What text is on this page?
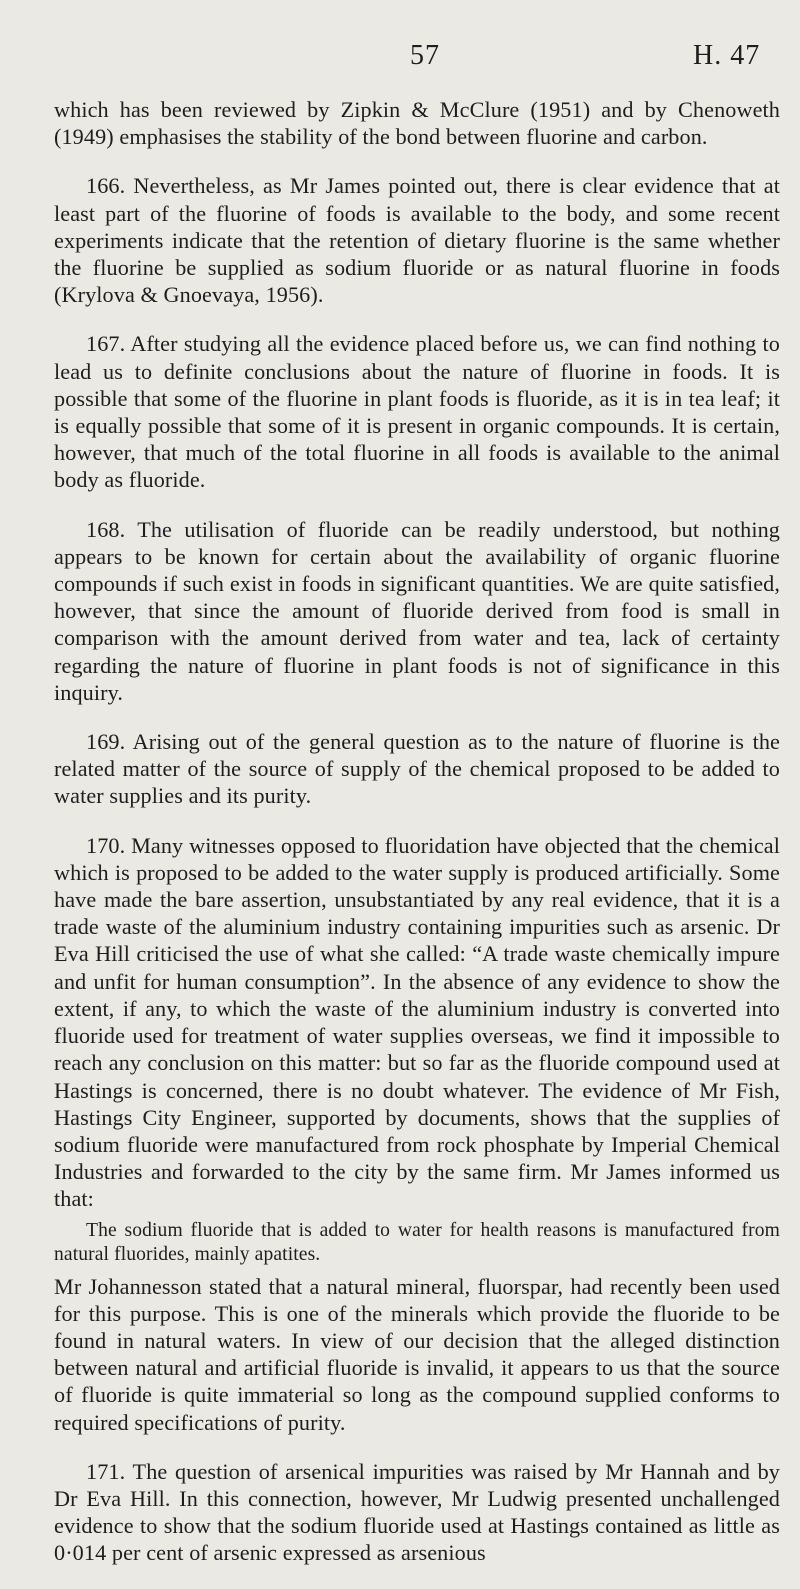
57	H. 47

which has been reviewed by Zipkin & McClure (1951) and by Chenoweth (1949) emphasises the stability of the bond between fluorine and carbon.

166. Nevertheless, as Mr James pointed out, there is clear evidence that at least part of the fluorine of foods is available to the body, and some recent experiments indicate that the retention of dietary fluorine is the same whether the fluorine be supplied as sodium fluoride or as natural fluorine in foods (Krylova & Gnoevaya, 1956).

167. After studying all the evidence placed before us, we can find nothing to lead us to definite conclusions about the nature of fluorine in foods. It is possible that some of the fluorine in plant foods is fluoride, as it is in tea leaf; it is equally possible that some of it is present in organic compounds. It is certain, however, that much of the total fluorine in all foods is available to the animal body as fluoride.

168. The utilisation of fluoride can be readily understood, but nothing appears to be known for certain about the availability of organic fluorine compounds if such exist in foods in significant quantities. We are quite satisfied, however, that since the amount of fluoride derived from food is small in comparison with the amount derived from water and tea, lack of certainty regarding the nature of fluorine in plant foods is not of significance in this inquiry.

169. Arising out of the general question as to the nature of fluorine is the related matter of the source of supply of the chemical proposed to be added to water supplies and its purity.

170. Many witnesses opposed to fluoridation have objected that the chemical which is proposed to be added to the water supply is produced artificially. Some have made the bare assertion, unsubstantiated by any real evidence, that it is a trade waste of the aluminium industry containing impurities such as arsenic. Dr Eva Hill criticised the use of what she called: “A trade waste chemically impure and unfit for human consumption”. In the absence of any evidence to show the extent, if any, to which the waste of the aluminium industry is converted into fluoride used for treatment of water supplies overseas, we find it impossible to reach any conclusion on this matter: but so far as the fluoride compound used at Hastings is concerned, there is no doubt whatever. The evidence of Mr Fish, Hastings City Engineer, supported by documents, shows that the supplies of sodium fluoride were manufactured from rock phosphate by Imperial Chemical Industries and forwarded to the city by the same firm. Mr James informed us that:

The sodium fluoride that is added to water for health reasons is manufactured from natural fluorides, mainly apatites.

Mr Johannesson stated that a natural mineral, fluorspar, had recently been used for this purpose. This is one of the minerals which provide the fluoride to be found in natural waters. In view of our decision that the alleged distinction between natural and artificial fluoride is invalid, it appears to us that the source of fluoride is quite immaterial so long as the compound supplied conforms to required specifications of purity.

171. The question of arsenical impurities was raised by Mr Hannah and by Dr Eva Hill. In this connection, however, Mr Ludwig presented unchallenged evidence to show that the sodium fluoride used at Hastings contained as little as 0·014 per cent of arsenic expressed as arsenious
